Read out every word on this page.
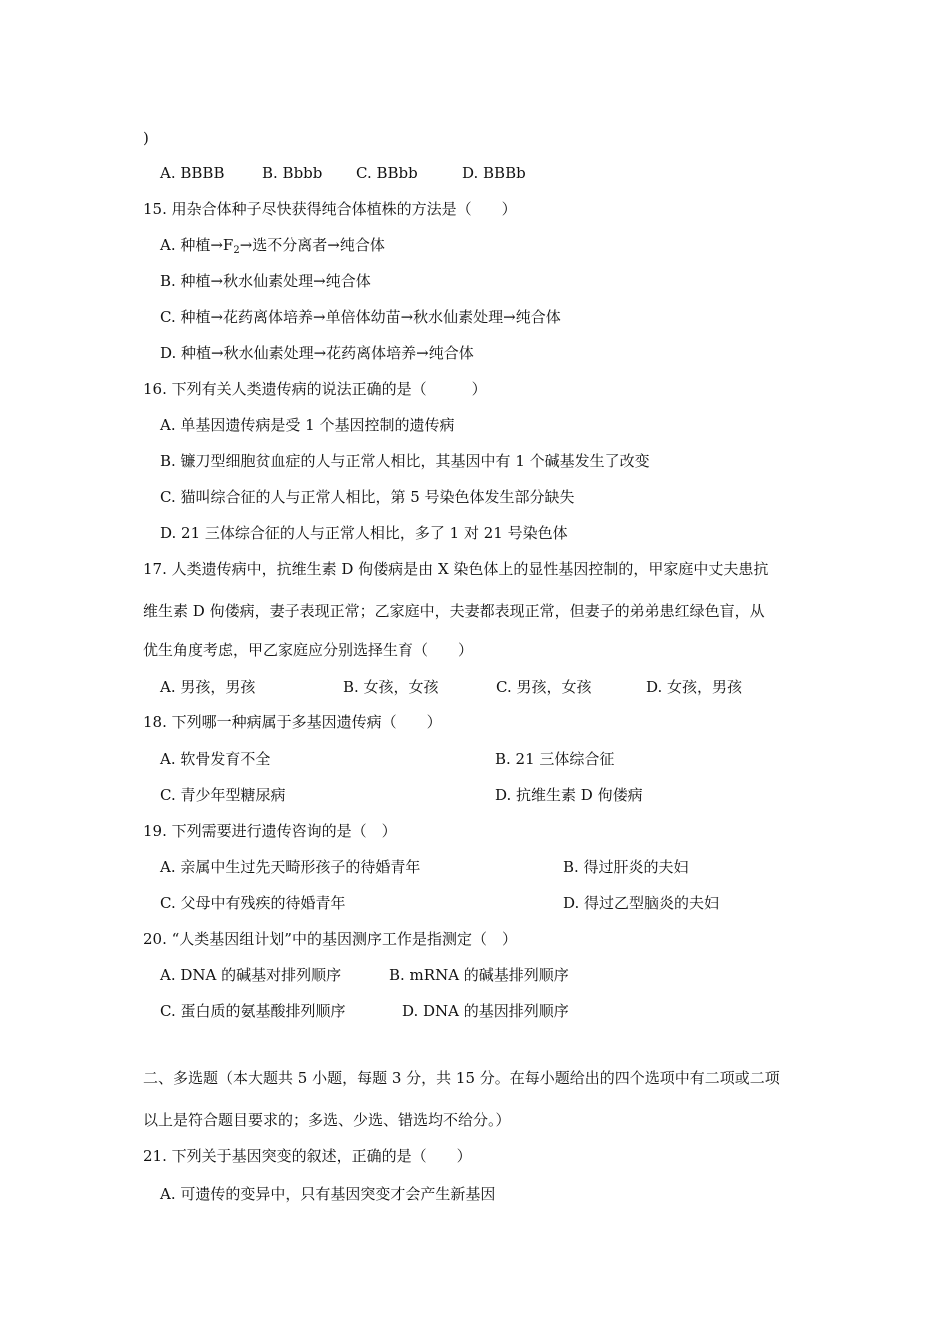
)
A. BBBB	B. Bbbb C. BBbb	D. BBBb
15. 用杂合体种子尽快获得纯合体植株的方法是（　　）
A. 种植$\to F_2\to$选不分离者→纯合体
B. 种植→秋水仙素处理→纯合体
C. 种植→花药离体培养→单倍体幼苗→秋水仙素处理→纯合体
D. 种植→秋水仙素处理→花药离体培养→纯合体
16. 下列有关人类遗传病的说法正确的是（　　　）
A. 单基因遗传病是受 1 个基因控制的遗传病
B. 镰刀型细胞贫血症的人与正常人相比，其基因中有 1 个碱基发生了改变
C. 猫叫综合征的人与正常人相比，第 5 号染色体发生部分缺失
D. 21 三体综合征的人与正常人相比，多了 1 对 21 号染色体
17. 人类遗传病中，抗维生素 D 佝偻病是由 X 染色体上的显性基因控制的，甲家庭中丈夫患抗
维生素 D 佝偻病，妻子表现正常；乙家庭中，夫妻都表现正常，但妻子的弟弟患红绿色盲，从
优生角度考虑，甲乙家庭应分别选择生育（　　）
A. 男孩，男孩	B. 女孩，女孩	C. 男孩，女孩	D. 女孩，男孩
18. 下列哪一种病属于多基因遗传病（　　）
A. 软骨发育不全	B. 21 三体综合征
C. 青少年型糖尿病	D. 抗维生素 D 佝偻病
19. 下列需要进行遗传咨询的是（　）
A. 亲属中生过先天畸形孩子的待婚青年	B. 得过肝炎的夫妇
C. 父母中有残疾的待婚青年	D. 得过乙型脑炎的夫妇
20. “人类基因组计划”中的基因测序工作是指测定（　）
A. DNA 的碱基对排列顺序	B. mRNA 的碱基排列顺序
C. 蛋白质的氨基酸排列顺序	D. DNA 的基因排列顺序
二、多选题（本大题共 5 小题，每题 3 分，共 15 分。在每小题给出的四个选项中有二项或二项
以上是符合题目要求的；多选、少选、错选均不给分。）
21. 下列关于基因突变的叙述，正确的是（　　）
A. 可遗传的变异中，只有基因突变才会产生新基因
